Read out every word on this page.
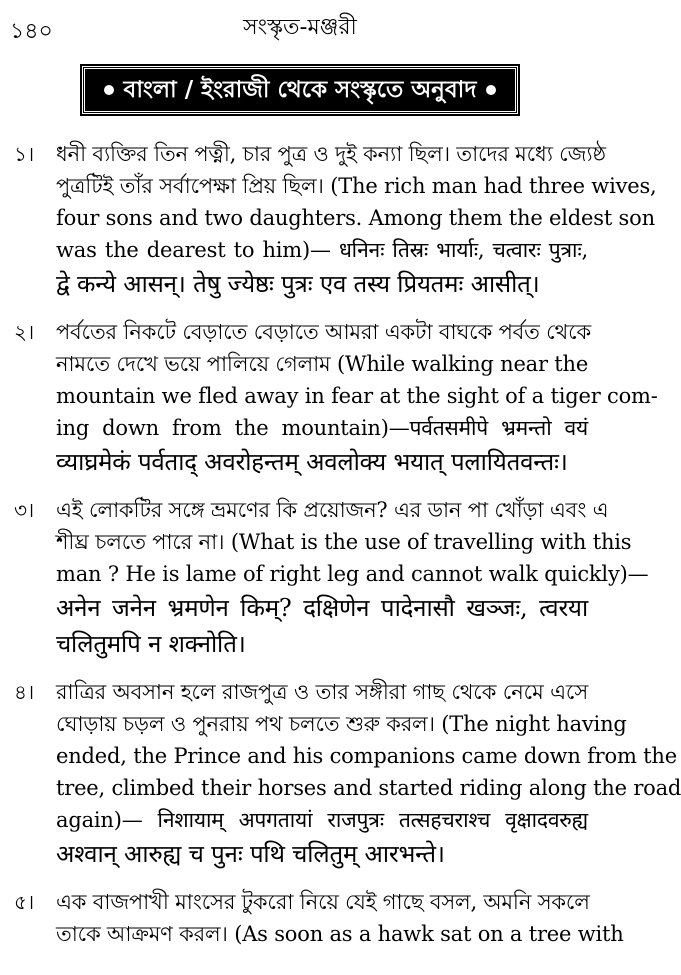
১৪০	সংস্কৃত-মঞ্জরী
বাংলা / ইংরাজী থেকে সংস্কৃতে অনুবাদ
১। ধনী ব্যক্তির তিন পত্নী, চার পুত্র ও দুই কন্যা ছিল। তাদের মধ্যে জ্যেষ্ঠ
পুত্রটিই তাঁর সর্বাপেক্ষা প্রিয় ছিল। (The rich man had three wives,
four sons and two daughters. Among them the eldest son
was the dearest to him)— धनिनः तिस्रः भार्याः, चत्वारः पुत्राः,
द्वे कन्ये आसन्। तेषु ज्येष्ठः पुत्रः एव तस्य प्रियतमः आसीत्।
২। পর্বতের নিকটে বেড়াতে বেড়াতে আমরা একটা বাঘকে পর্বত থেকে
নামতে দেখে ভয়ে পালিয়ে গেলাম (While walking near the
mountain we fled away in fear at the sight of a tiger com-
ing down from the mountain)—पर्वतसमीपे भ्रमन्तो वयं
व्याघ्रमेकं पर्वताद् अवरोहन्तम् अवलोक्य भयात् पलायितवन्तः।
৩। এই লোকটির সঙ্গে ভ্রমণের কি প্রয়োজন? এর ডান পা খোঁড়া এবং এ
শীঘ্র চলতে পারে না। (What is the use of travelling with this
man ? He is lame of right leg and cannot walk quickly)—
अनेन जनेन भ्रमणेन किम्? दक्षिणेन पादेनासौ खञ्जः, त्वरया
चलितुमपि न शक्नोति।
৪। রাত্রির অবসান হলে রাজপুত্র ও তার সঙ্গীরা গাছ থেকে নেমে এসে
ঘোড়ায় চড়ল ও পুনরায় পথ চলতে শুরু করল। (The night having
ended, the Prince and his companions came down from the
tree, climbed their horses and started riding along the road
again)— निशायाम् अपगतायां राजपुत्रः तत्सहचराश्च वृक्षादवरुह्य
अश्वान् आरुह्य च पुनः पथि चलितुम् आरभन्ते।
৫। এক বাজপাখী মাংসের টুকরো নিয়ে যেই গাছে বসল, অমনি সকলে
তাকে আক্রমণ করল। (As soon as a hawk sat on a tree with
